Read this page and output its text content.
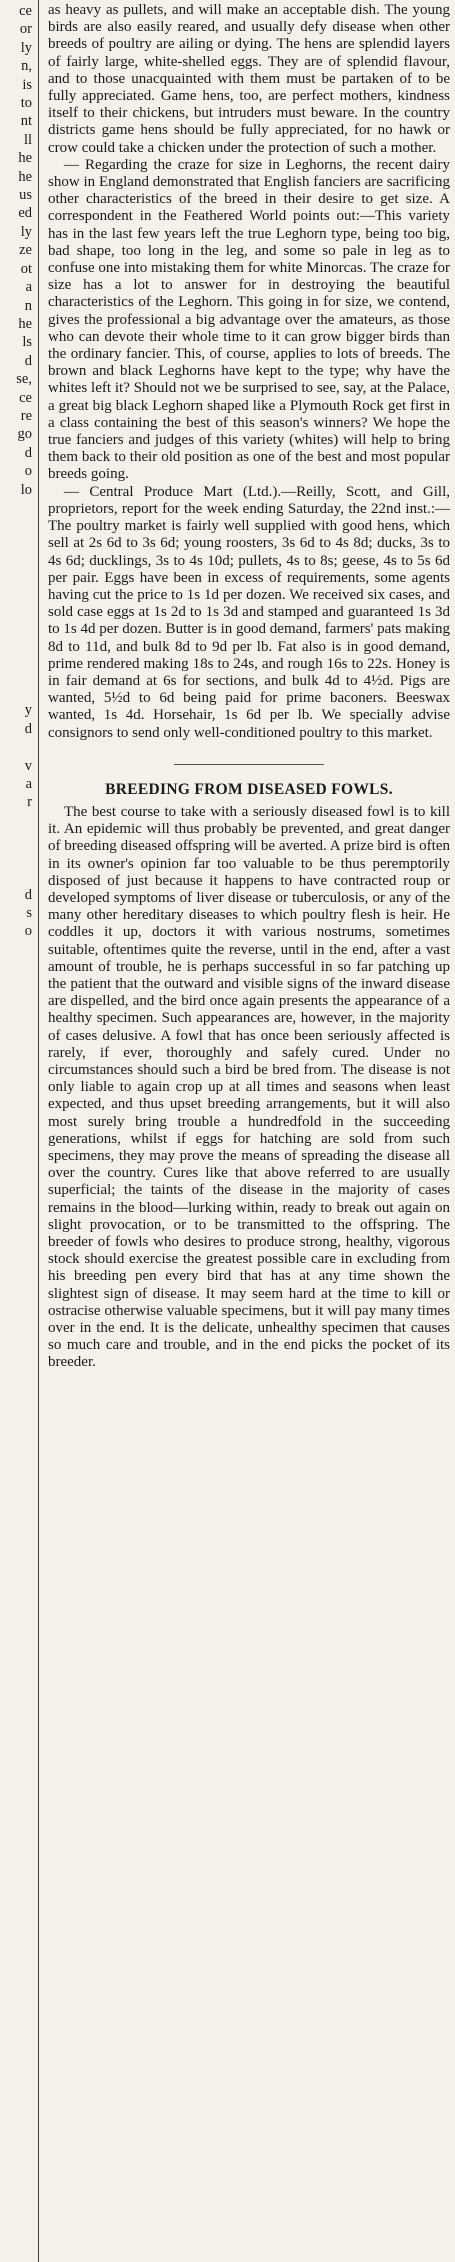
ce
or
ly
n,
is
to
nt
ll
he
he
us
ed
ly
ze
ot
a
n
he
ls
d
se,
ce
re
go
d
o
lo

y
d

v
a
r

d
s
o

as heavy as pullets, and will make an acceptable dish. The young birds are also easily reared, and usually defy disease when other breeds of poultry are ailing or dying. The hens are splendid layers of fairly large, white-shelled eggs. They are of splendid flavour, and to those unacquainted with them must be partaken of to be fully appreciated. Game hens, too, are perfect mothers, kindness itself to their chickens, but intruders must beware. In the country districts game hens should be fully appreciated, for no hawk or crow could take a chicken under the protection of such a mother.

— Regarding the craze for size in Leghorns, the recent dairy show in England demonstrated that English fanciers are sacrificing other characteristics of the breed in their desire to get size. A correspondent in the Feathered World points out:—This variety has in the last few years left the true Leghorn type, being too big, bad shape, too long in the leg, and some so pale in leg as to confuse one into mistaking them for white Minorcas. The craze for size has a lot to answer for in destroying the beautiful characteristics of the Leghorn. This going in for size, we contend, gives the professional a big advantage over the amateurs, as those who can devote their whole time to it can grow bigger birds than the ordinary fancier. This, of course, applies to lots of breeds. The brown and black Leghorns have kept to the type; why have the whites left it? Should not we be surprised to see, say, at the Palace, a great big black Leghorn shaped like a Plymouth Rock get first in a class containing the best of this season's winners? We hope the true fanciers and judges of this variety (whites) will help to bring them back to their old position as one of the best and most popular breeds going.

— Central Produce Mart (Ltd.).—Reilly, Scott, and Gill, proprietors, report for the week ending Saturday, the 22nd inst.:— The poultry market is fairly well supplied with good hens, which sell at 2s 6d to 3s 6d; young roosters, 3s 6d to 4s 8d; ducks, 3s to 4s 6d; ducklings, 3s to 4s 10d; pullets, 4s to 8s; geese, 4s to 5s 6d per pair. Eggs have been in excess of requirements, some agents having cut the price to 1s 1d per dozen. We received six cases, and sold case eggs at 1s 2d to 1s 3d and stamped and guaranteed 1s 3d to 1s 4d per dozen. Butter is in good demand, farmers' pats making 8d to 11d, and bulk 8d to 9d per lb. Fat also is in good demand, prime rendered making 18s to 24s, and rough 16s to 22s. Honey is in fair demand at 6s for sections, and bulk 4d to 4½d. Pigs are wanted, 5½d to 6d being paid for prime baconers. Beeswax wanted, 1s 4d. Horsehair, 1s 6d per lb. We specially advise consignors to send only well-conditioned poultry to this market.

BREEDING FROM DISEASED FOWLS.

The best course to take with a seriously diseased fowl is to kill it. An epidemic will thus probably be prevented, and great danger of breeding diseased offspring will be averted. A prize bird is often in its owner's opinion far too valuable to be thus peremptorily disposed of just because it happens to have contracted roup or developed symptoms of liver disease or tuberculosis, or any of the many other hereditary diseases to which poultry flesh is heir. He coddles it up, doctors it with various nostrums, sometimes suitable, oftentimes quite the reverse, until in the end, after a vast amount of trouble, he is perhaps successful in so far patching up the patient that the outward and visible signs of the inward disease are dispelled, and the bird once again presents the appearance of a healthy specimen. Such appearances are, however, in the majority of cases delusive. A fowl that has once been seriously affected is rarely, if ever, thoroughly and safely cured. Under no circumstances should such a bird be bred from. The disease is not only liable to again crop up at all times and seasons when least expected, and thus upset breeding arrangements, but it will also most surely bring trouble a hundredfold in the succeeding generations, whilst if eggs for hatching are sold from such specimens, they may prove the means of spreading the disease all over the country. Cures like that above referred to are usually superficial; the taints of the disease in the majority of cases remains in the blood—lurking within, ready to break out again on slight provocation, or to be transmitted to the offspring. The breeder of fowls who desires to produce strong, healthy, vigorous stock should exercise the greatest possible care in excluding from his breeding pen every bird that has at any time shown the slightest sign of disease. It may seem hard at the time to kill or ostracise otherwise valuable specimens, but it will pay many times over in the end. It is the delicate, unhealthy specimen that causes so much care and trouble, and in the end picks the pocket of its breeder.
